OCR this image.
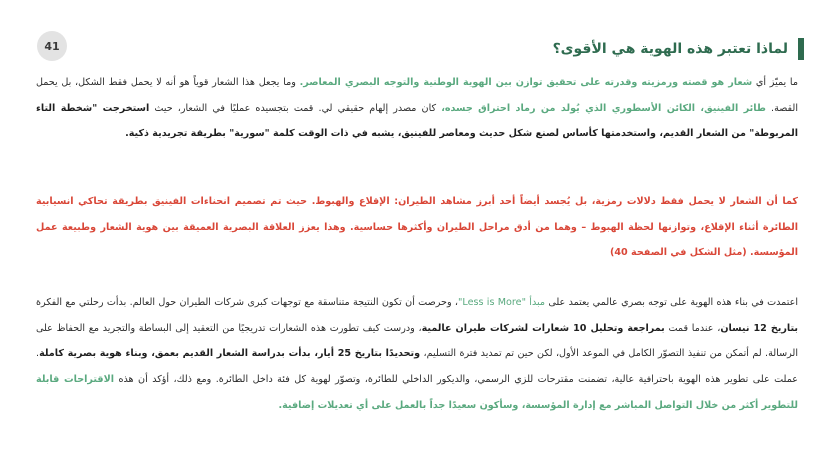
41	لماذا تعتبر هذه الهوية هي الأقوى؟

ما يميّز أي شعار هو قصته ورمزيته وقدرته على تحقيق توازن بين الهوية الوطنية والتوجه البصري المعاصر. وما يجعل هذا الشعار قوياً هو أنه لا يحمل فقط الشكل، بل يحمل القصة. طائر الفينيق، الكائن الأسطوري الذي يُولد من رماد احتراق جسده، كان مصدر إلهام حقيقي لي. قمت بتجسيده عمليًا في الشعار، حيث استخرجت "شخطة التاء المربوطة" من الشعار القديم، واستخدمتها كأساس لصنع شكل حديث ومعاصر للفينيق، يشبه في ذات الوقت كلمة "سورية" بطريقة تجريدية ذكية.

كما أن الشعار لا يحمل فقط دلالات رمزية، بل يُجسد أيضاً أحد أبرز مشاهد الطيران: الإقلاع والهبوط. حيث تم تصميم انحناءات الفينيق بطريقة تحاكي انسيابية الطائرة أثناء الإقلاع، وتوازنها لحظة الهبوط – وهما من أدق مراحل الطيران وأكثرها حساسية. وهذا يعزز العلاقة البصرية العميقة بين هوية الشعار وطبيعة عمل المؤسسة. (مثل الشكل في الصفحة 40)

اعتمدت في بناء هذه الهوية على توجه بصري عالمي يعتمد على مبدأ "Less is More"، وحرصت أن تكون النتيجة متناسقة مع توجهات كبرى شركات الطيران حول العالم. بدأت رحلتي مع الفكرة بتاريخ 12 نيسان، عندما قمت بمراجعة وتحليل 10 شعارات لشركات طيران عالمية، ودرست كيف تطورت هذه الشعارات تدريجيًا من التعقيد إلى البساطة والتجريد مع الحفاظ على الرسالة. لم أتمكن من تنفيذ التصوّر الكامل في الموعد الأول، لكن حين تم تمديد فترة التسليم، وتحديدًا بتاريخ 25 أيار، بدأت بدراسة الشعار القديم بعمق، وبناء هوية بصرية كاملة. عملت على تطوير هذه الهوية باحترافية عالية، تضمنت مقترحات للزي الرسمي، والديكور الداخلي للطائرة، وتصوّر لهوية كل فئة داخل الطائرة. ومع ذلك، أؤكد أن هذه الاقتراحات قابلة للتطوير أكثر من خلال التواصل المباشر مع إدارة المؤسسة، وسأكون سعيدًا جداً بالعمل على أي تعديلات إضافية.
